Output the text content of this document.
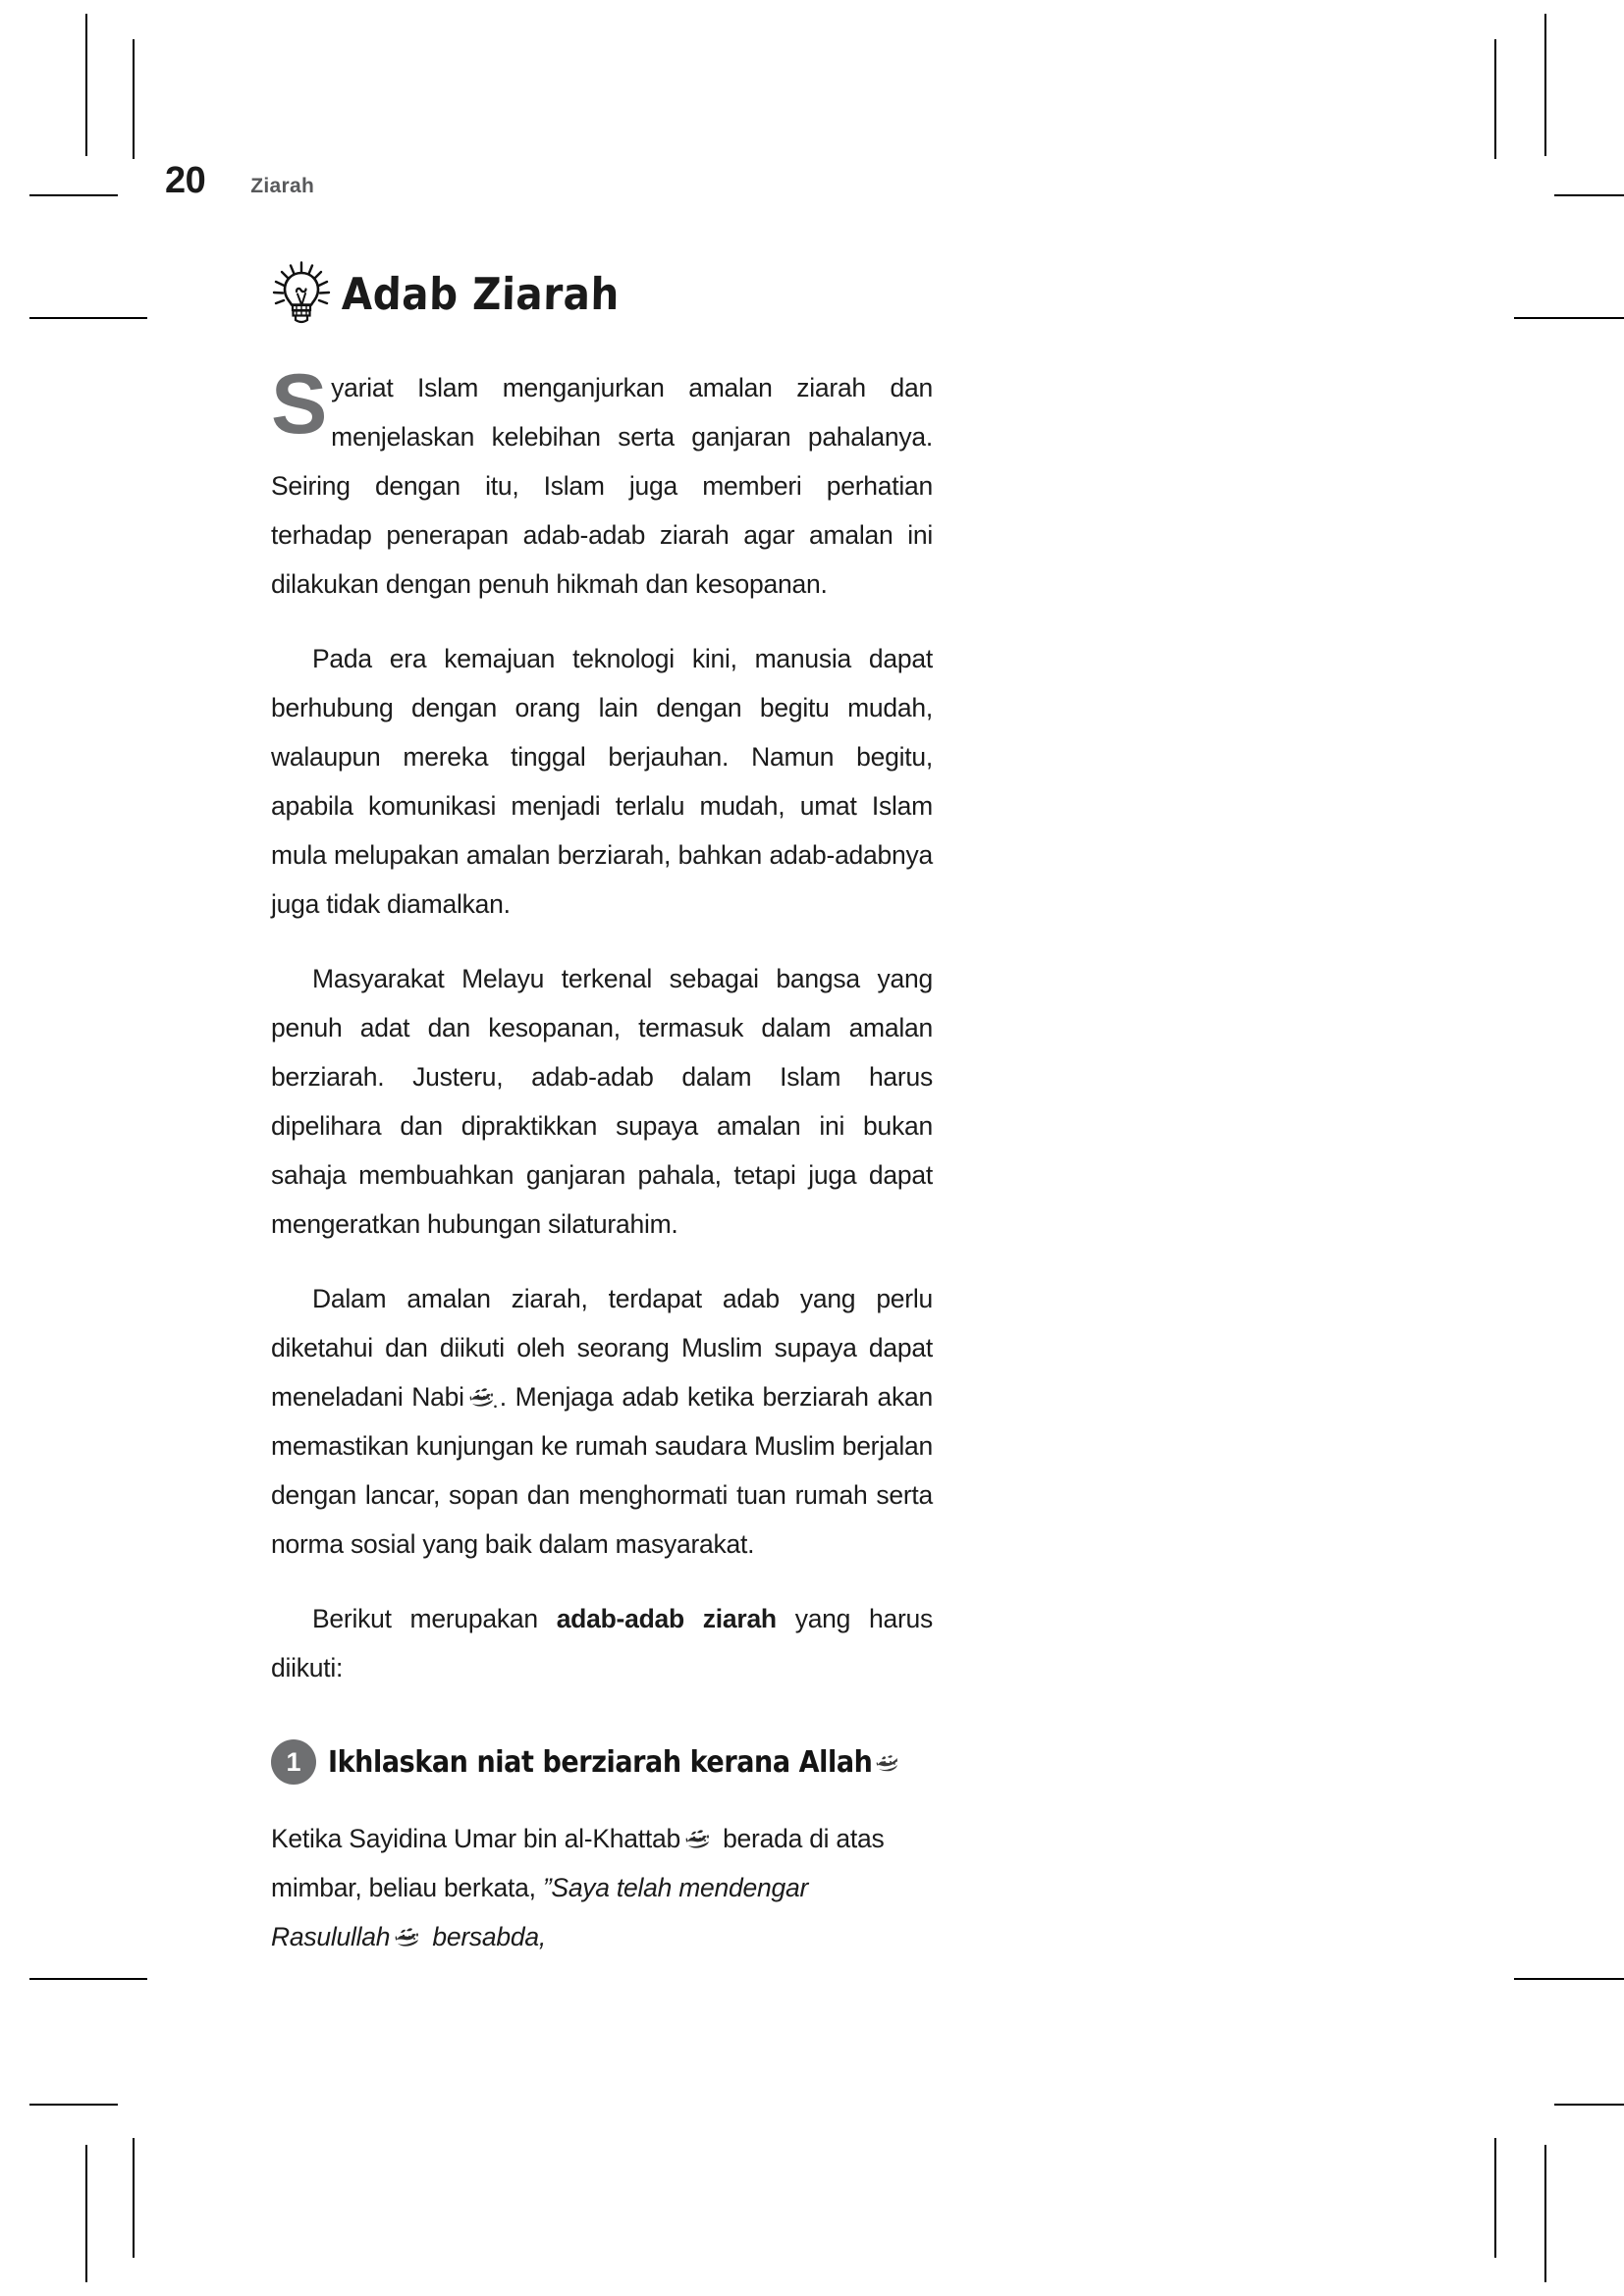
20 Ziarah
Adab Ziarah

Syariat Islam menganjurkan amalan ziarah dan menjelaskan kelebihan serta ganjaran pahalanya. Seiring dengan itu, Islam juga memberi perhatian terhadap penerapan adab-adab ziarah agar amalan ini dilakukan dengan penuh hikmah dan kesopanan.

Pada era kemajuan teknologi kini, manusia dapat berhubung dengan orang lain dengan begitu mudah, walaupun mereka tinggal berjauhan. Namun begitu, apabila komunikasi menjadi terlalu mudah, umat Islam mula melupakan amalan berziarah, bahkan adab-adabnya juga tidak diamalkan.

Masyarakat Melayu terkenal sebagai bangsa yang penuh adat dan kesopanan, termasuk dalam amalan berziarah. Justeru, adab-adab dalam Islam harus dipelihara dan dipraktikkan supaya amalan ini bukan sahaja membuahkan ganjaran pahala, tetapi juga dapat mengeratkan hubungan silaturahim.

Dalam amalan ziarah, terdapat adab yang perlu diketahui dan diikuti oleh seorang Muslim supaya dapat meneladani Nabi . Menjaga adab ketika berziarah akan memastikan kunjungan ke rumah saudara Muslim berjalan dengan lancar, sopan dan menghormati tuan rumah serta norma sosial yang baik dalam masyarakat.

Berikut merupakan adab-adab ziarah yang harus diikuti:

1 Ikhlaskan niat berziarah kerana Allah

Ketika Sayidina Umar bin al-Khattab berada di atas mimbar, beliau berkata, ”Saya telah mendengar Rasulullah bersabda,
